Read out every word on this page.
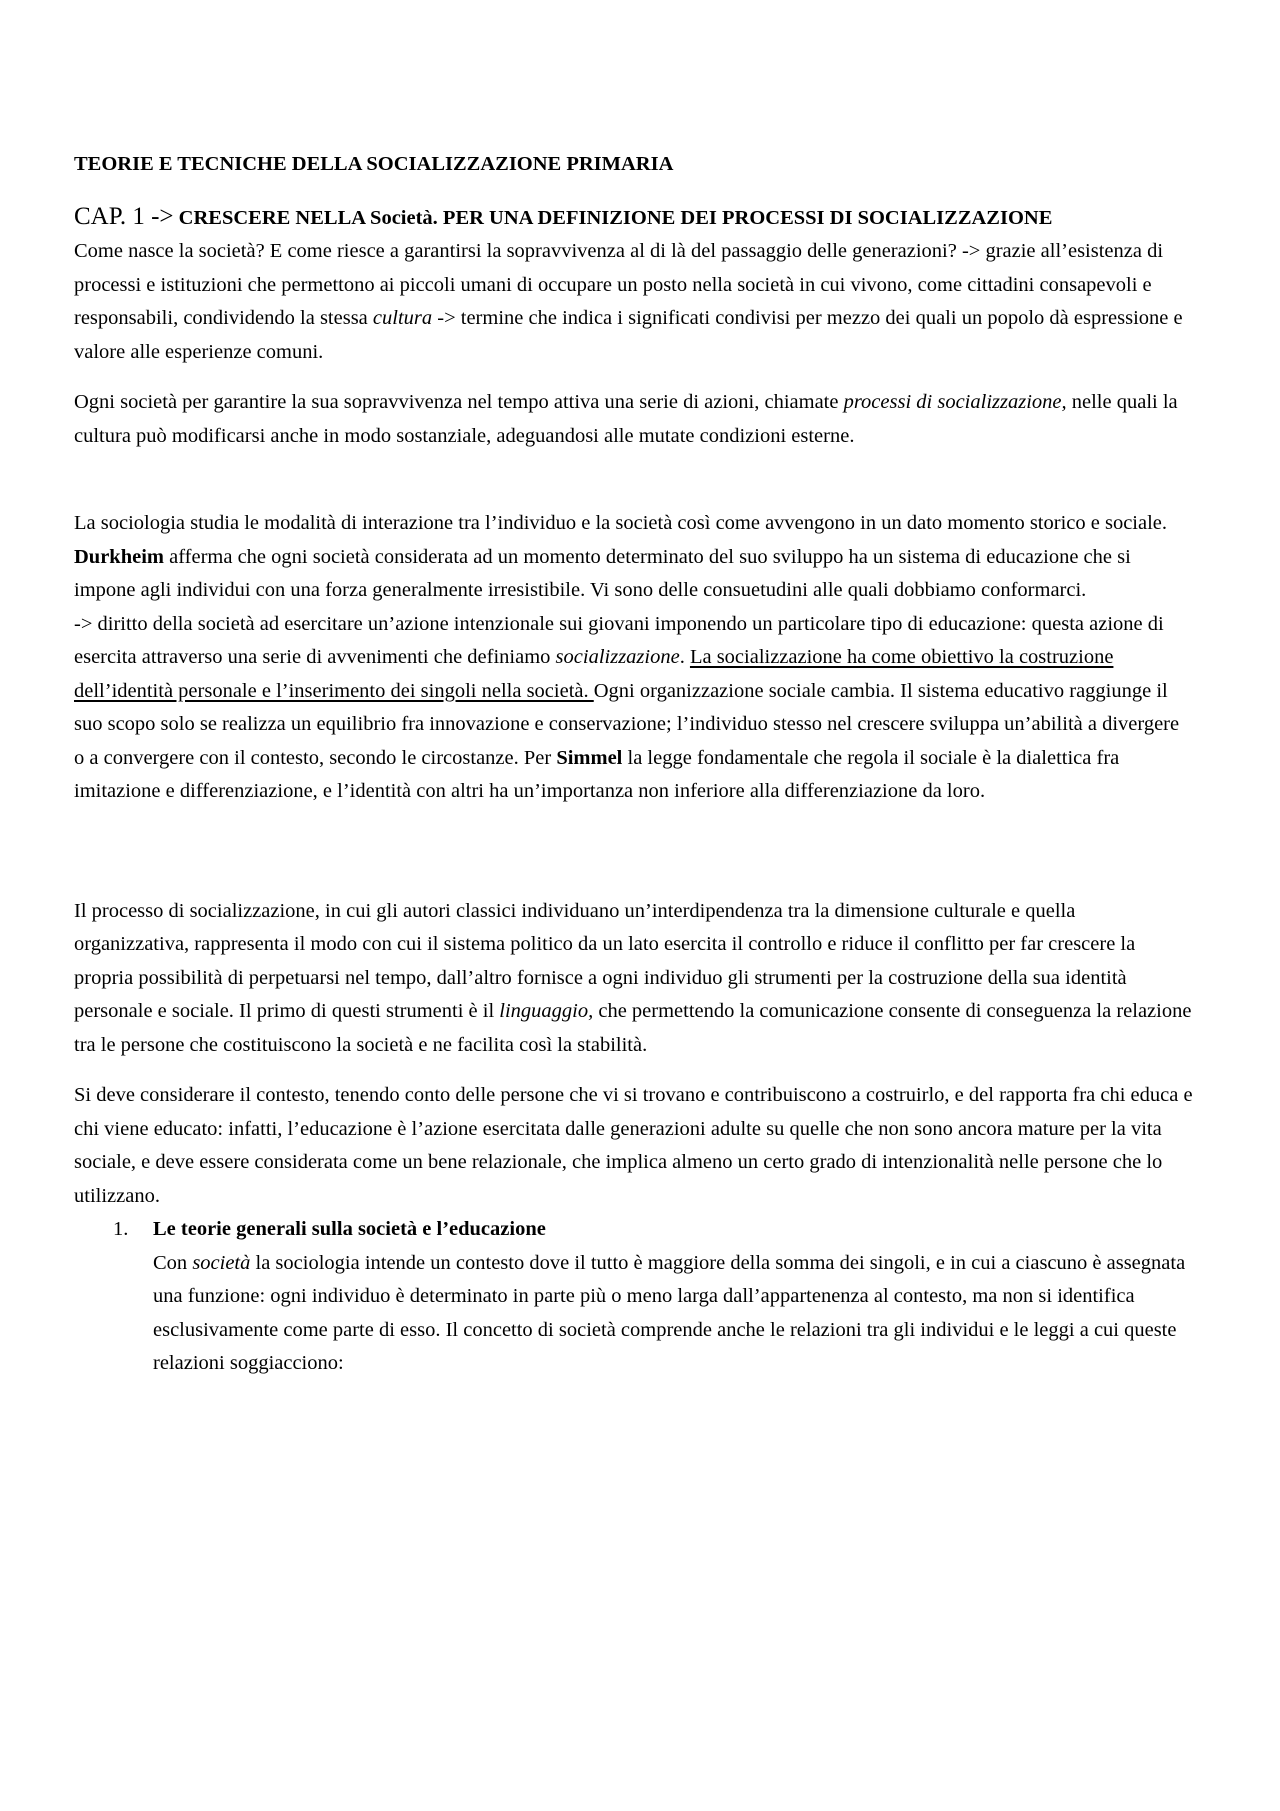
TEORIE E TECNICHE DELLA SOCIALIZZAZIONE PRIMARIA
CAP. 1 -> CRESCERE NELLA Società. PER UNA DEFINIZIONE DEI PROCESSI DI SOCIALIZZAZIONE

Come nasce la società? E come riesce a garantirsi la sopravvivenza al di là del passaggio delle generazioni? -> grazie all’esistenza di processi e istituzioni che permettono ai piccoli umani di occupare un posto nella società in cui vivono, come cittadini consapevoli e responsabili, condividendo la stessa cultura -> termine che indica i significati condivisi per mezzo dei quali un popolo dà espressione e valore alle esperienze comuni.

Ogni società per garantire la sua sopravvivenza nel tempo attiva una serie di azioni, chiamate processi di socializzazione, nelle quali la cultura può modificarsi anche in modo sostanziale, adeguandosi alle mutate condizioni esterne.

La sociologia studia le modalità di interazione tra l’individuo e la società così come avvengono in un dato momento storico e sociale. Durkheim afferma che ogni società considerata ad un momento determinato del suo sviluppo ha un sistema di educazione che si impone agli individui con una forza generalmente irresistibile. Vi sono delle consuetudini alle quali dobbiamo conformarci.
-> diritto della società ad esercitare un’azione intenzionale sui giovani imponendo un particolare tipo di educazione: questa azione di esercita attraverso una serie di avvenimenti che definiamo socializzazione. La socializzazione ha come obiettivo la costruzione dell’identità personale e l’inserimento dei singoli nella società. Ogni organizzazione sociale cambia. Il sistema educativo raggiunge il suo scopo solo se realizza un equilibrio fra innovazione e conservazione; l’individuo stesso nel crescere sviluppa un’abilità a divergere o a convergere con il contesto, secondo le circostanze. Per Simmel la legge fondamentale che regola il sociale è la dialettica fra imitazione e differenziazione, e l’identità con altri ha un’importanza non inferiore alla differenziazione da loro.

Il processo di socializzazione, in cui gli autori classici individuano un’interdipendenza tra la dimensione culturale e quella organizzativa, rappresenta il modo con cui il sistema politico da un lato esercita il controllo e riduce il conflitto per far crescere la propria possibilità di perpetuarsi nel tempo, dall’altro fornisce a ogni individuo gli strumenti per la costruzione della sua identità personale e sociale. Il primo di questi strumenti è il linguaggio, che permettendo la comunicazione consente di conseguenza la relazione tra le persone che costituiscono la società e ne facilita così la stabilità.

Si deve considerare il contesto, tenendo conto delle persone che vi si trovano e contribuiscono a costruirlo, e del rapporta fra chi educa e chi viene educato: infatti, l’educazione è l’azione esercitata dalle generazioni adulte su quelle che non sono ancora mature per la vita sociale, e deve essere considerata come un bene relazionale, che implica almeno un certo grado di intenzionalità nelle persone che lo utilizzano.

1. Le teorie generali sulla società e l’educazione
Con società la sociologia intende un contesto dove il tutto è maggiore della somma dei singoli, e in cui a ciascuno è assegnata una funzione: ogni individuo è determinato in parte più o meno larga dall’appartenenza al contesto, ma non si identifica esclusivamente come parte di esso. Il concetto di società comprende anche le relazioni tra gli individui e le leggi a cui queste relazioni soggiacciono:
